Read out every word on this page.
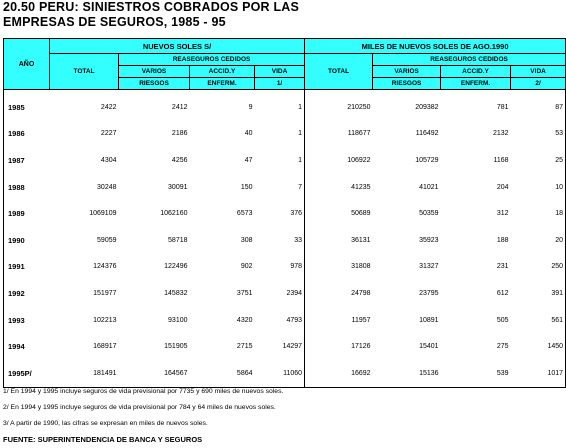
20.50 PERU: SINIESTROS COBRADOS POR LAS
EMPRESAS DE SEGUROS, 1985 - 95
AÑO	NUEVOS SOLES S/				MILES DE NUEVOS SOLES DE AGO.1990			

	TOTAL	REASEGUROS CEDIDOS			TOTAL	REASEGUROS CEDIDOS		
		VARIOS	ACCID.Y	VIDA		VARIOS	ACCID.Y	VIDA
		RIESGOS	ENFERM.	1/		RIESGOS	ENFERM.	2/
1985	2422	2412	9	1	210250	209382	781	87
1986	2227	2186	40	1	118677	116492	2132	53
1987	4304	4256	47	1	106922	105729	1168	25
1988	30248	30091	150	7	41235	41021	204	10
1989	1069109	1062160	6573	376	50689	50359	312	18
1990	59059	58718	308	33	36131	35923	188	20
1991	124376	122496	902	978	31808	31327	231	250
1992	151977	145832	3751	2394	24798	23795	612	391
1993	102213	93100	4320	4793	11957	10891	505	561
1994	168917	151905	2715	14297	17126	15401	275	1450
1995P/	181491	164567	5864	11060	16692	15136	539	1017
1/ En 1994 y 1995 incluye seguros de vida previsional por 7735 y 690 miles de nuevos soles.
2/ En 1994 y 1995 incluye seguros de vida previsional por 784 y 64 miles de nuevos soles.
3/ A partir de 1990, las cifras se expresan en miles de nuevos soles.
FUENTE: SUPERINTENDENCIA DE BANCA Y SEGUROS
